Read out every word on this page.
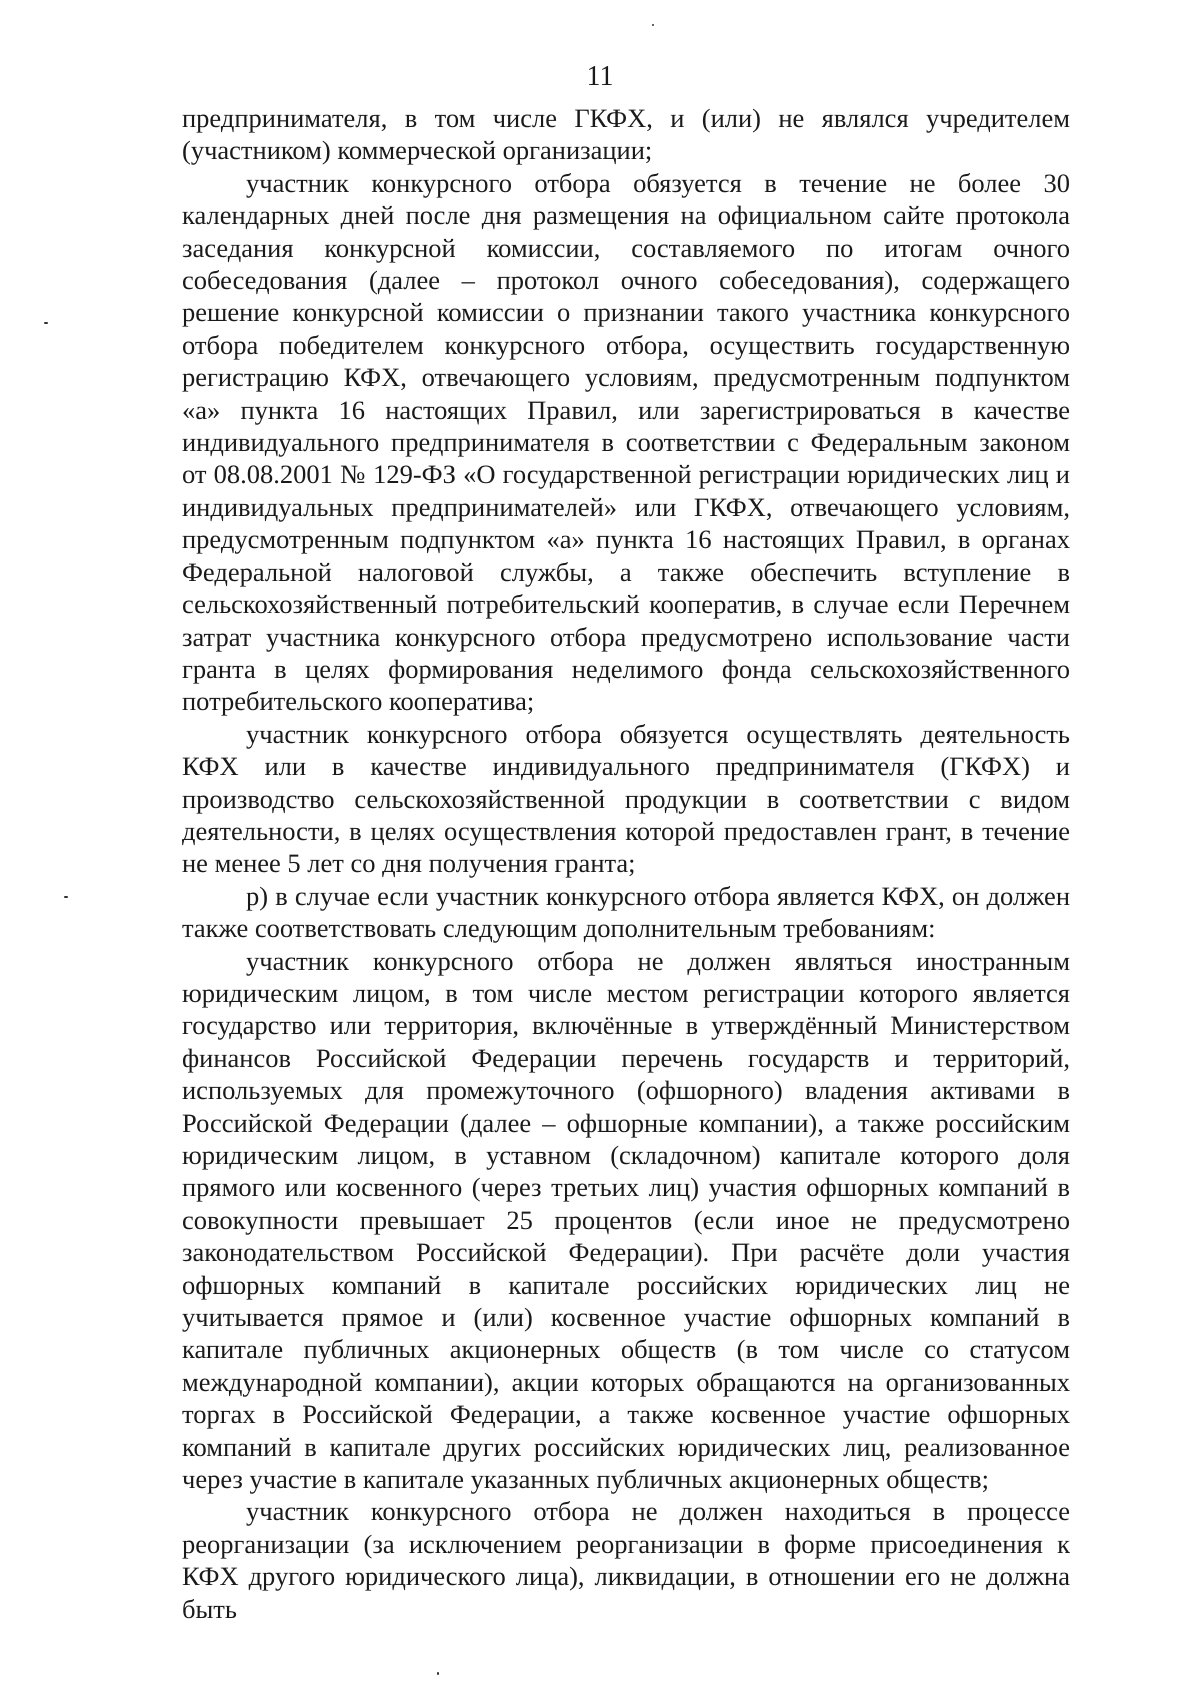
11

предпринимателя, в том числе ГКФХ, и (или) не являлся учредителем (участником) коммерческой организации;

участник конкурсного отбора обязуется в течение не более 30 календарных дней после дня размещения на официальном сайте протокола заседания конкурсной комиссии, составляемого по итогам очного собеседования (далее – протокол очного собеседования), содержащего решение конкурсной комиссии о признании такого участника конкурсного отбора победителем конкурсного отбора, осуществить государственную регистрацию КФХ, отвечающего условиям, предусмотренным подпунктом «а» пункта 16 настоящих Правил, или зарегистрироваться в качестве индивидуального предпринимателя в соответствии с Федеральным законом от 08.08.2001 № 129-ФЗ «О государственной регистрации юридических лиц и индивидуальных предпринимателей» или ГКФХ, отвечающего условиям, предусмотренным подпунктом «а» пункта 16 настоящих Правил, в органах Федеральной налоговой службы, а также обеспечить вступление в сельскохозяйственный потребительский кооператив, в случае если Перечнем затрат участника конкурсного отбора предусмотрено использование части гранта в целях формирования неделимого фонда сельскохозяйственного потребительского кооператива;

участник конкурсного отбора обязуется осуществлять деятельность КФХ или в качестве индивидуального предпринимателя (ГКФХ) и производство сельскохозяйственной продукции в соответствии с видом деятельности, в целях осуществления которой предоставлен грант, в течение не менее 5 лет со дня получения гранта;

р) в случае если участник конкурсного отбора является КФХ, он должен также соответствовать следующим дополнительным требованиям:

участник конкурсного отбора не должен являться иностранным юридическим лицом, в том числе местом регистрации которого является государство или территория, включённые в утверждённый Министерством финансов Российской Федерации перечень государств и территорий, используемых для промежуточного (офшорного) владения активами в Российской Федерации (далее – офшорные компании), а также российским юридическим лицом, в уставном (складочном) капитале которого доля прямого или косвенного (через третьих лиц) участия офшорных компаний в совокупности превышает 25 процентов (если иное не предусмотрено законодательством Российской Федерации). При расчёте доли участия офшорных компаний в капитале российских юридических лиц не учитывается прямое и (или) косвенное участие офшорных компаний в капитале публичных акционерных обществ (в том числе со статусом международной компании), акции которых обращаются на организованных торгах в Российской Федерации, а также косвенное участие офшорных компаний в капитале других российских юридических лиц, реализованное через участие в капитале указанных публичных акционерных обществ;

участник конкурсного отбора не должен находиться в процессе реорганизации (за исключением реорганизации в форме присоединения к КФХ другого юридического лица), ликвидации, в отношении его не должна быть
